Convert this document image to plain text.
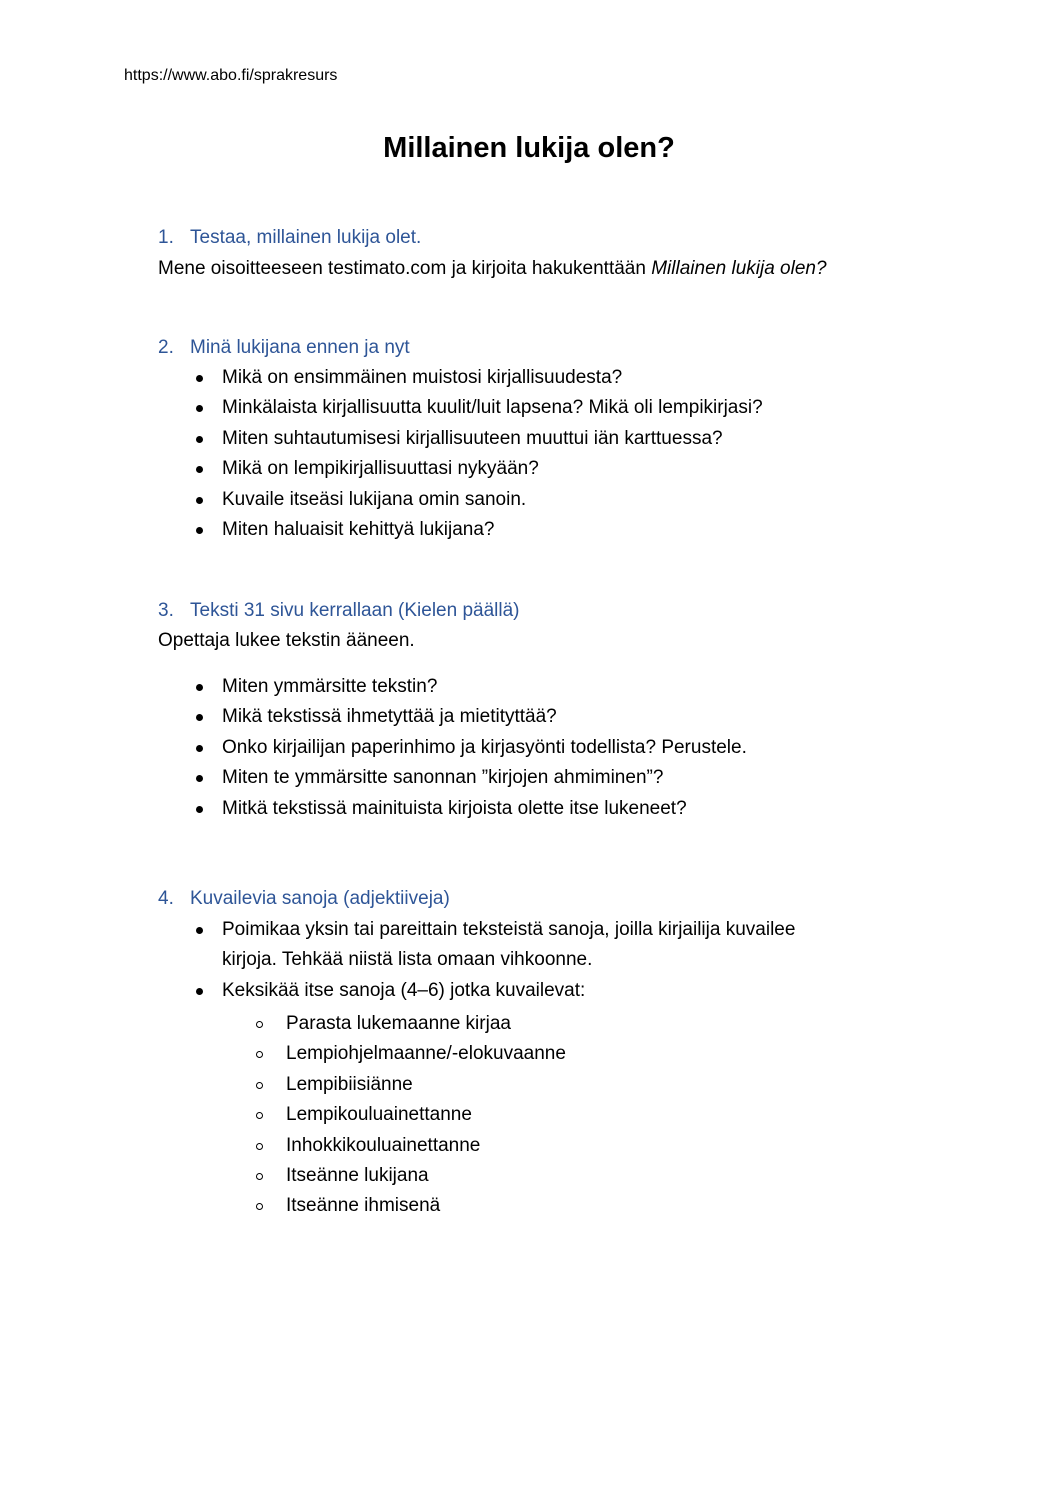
https://www.abo.fi/sprakresurs
Millainen lukija olen?
1. Testaa, millainen lukija olet.
Mene oisoitteeseen testimato.com ja kirjoita hakukenttään Millainen lukija olen?
2. Minä lukijana ennen ja nyt
Mikä on ensimmäinen muistosi kirjallisuudesta?
Minkälaista kirjallisuutta kuulit/luit lapsena? Mikä oli lempikirjasi?
Miten suhtautumisesi kirjallisuuteen muuttui iän karttuessa?
Mikä on lempikirjallisuuttasi nykyään?
Kuvaile itseäsi lukijana omin sanoin.
Miten haluaisit kehittyä lukijana?
3. Teksti 31 sivu kerrallaan (Kielen päällä)
Opettaja lukee tekstin ääneen.
Miten ymmärsitte tekstin?
Mikä tekstissä ihmetyttää ja mietityttää?
Onko kirjailijan paperinhimo ja kirjasyönti todellista? Perustele.
Miten te ymmärsitte sanonnan ”kirjojen ahmiminen”?
Mitkä tekstissä mainituista kirjoista olette itse lukeneet?
4. Kuvailevia sanoja (adjektiiveja)
Poimikaa yksin tai pareittain teksteistä sanoja, joilla kirjailija kuvailee
kirjoja. Tehkää niistä lista omaan vihkoonne.
Keksikää itse sanoja (4–6) jotka kuvailevat:
Parasta lukemaanne kirjaa
Lempiohjelmaanne/-elokuvaanne
Lempibiisiänne
Lempikouluainettanne
Inhokkikouluainettanne
Itseänne lukijana
Itseänne ihmisenä
